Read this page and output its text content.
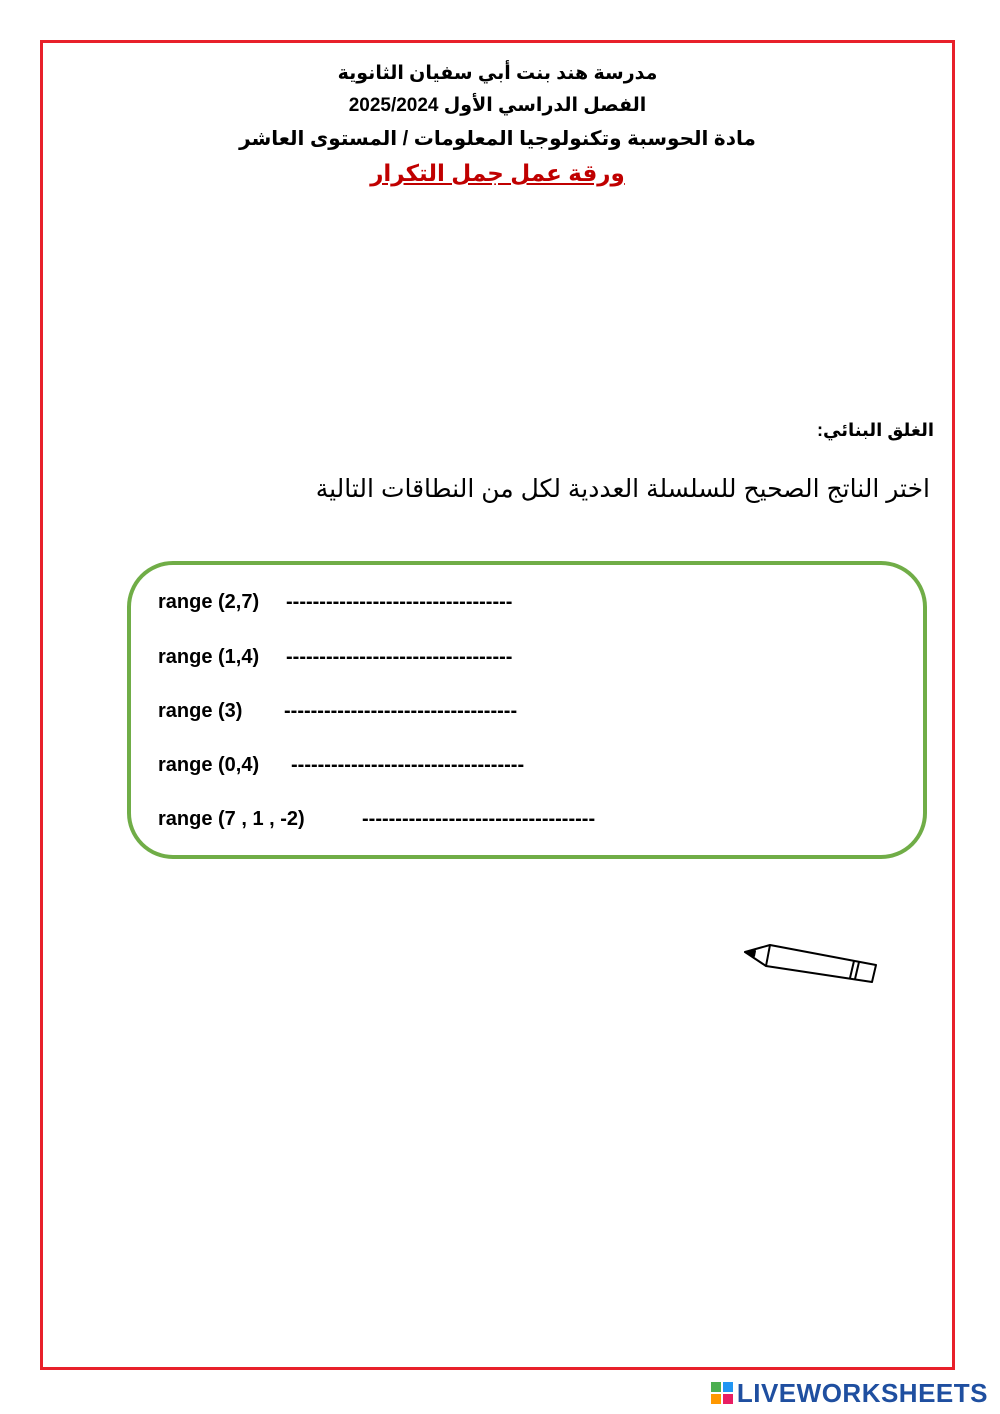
مدرسة هند بنت أبي سفيان الثانوية
الفصل الدراسي الأول 2025/2024
مادة الحوسبة وتكنولوجيا المعلومات / المستوى العاشر
ورقة عمل جمل التكرار
الغلق البنائي:
اختر الناتج الصحيح للسلسلة العددية لكل من النطاقات التالية
range (2,7) ----------------------------------
range (1,4) ----------------------------------
range (3) -----------------------------------
range (0,4) -----------------------------------
range (7 , 1 , -2)	-----------------------------------
LIVEWORKSHEETS
